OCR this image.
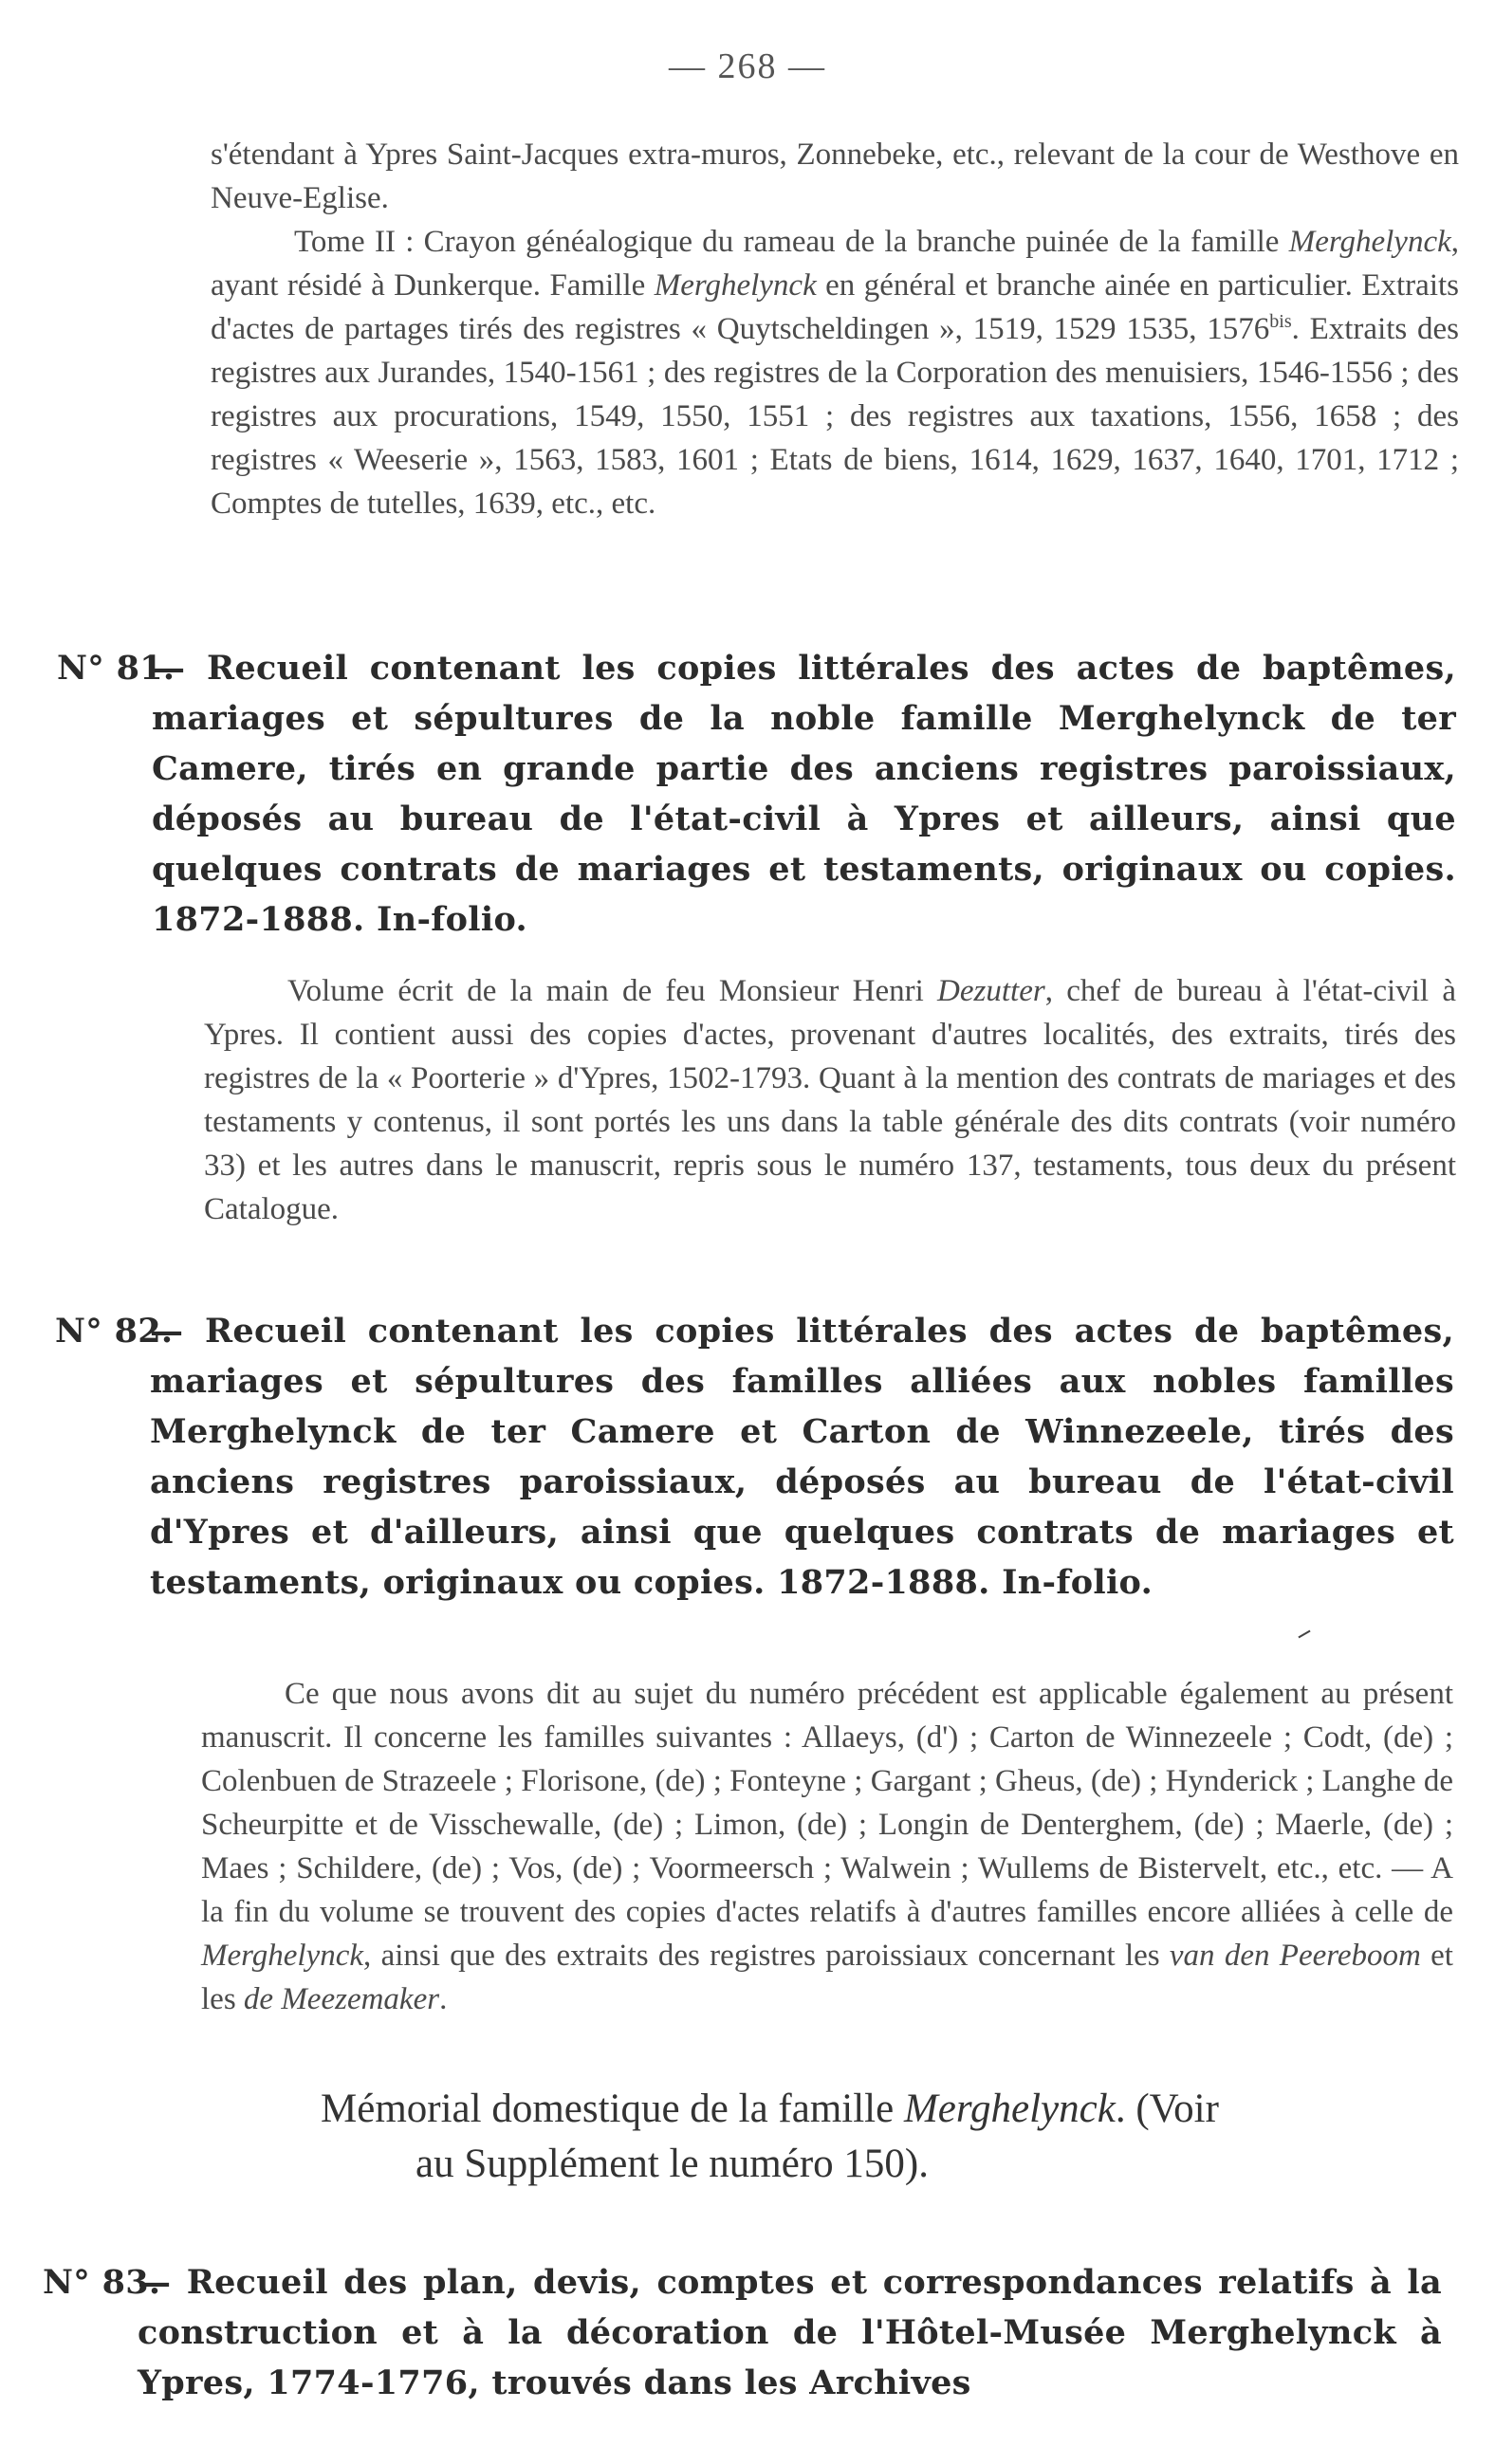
— 268 —
s'étendant à Ypres Saint-Jacques extra-muros, Zonnebeke, etc., relevant de la cour de Westhove en Neuve-Eglise.
Tome II : Crayon généalogique du rameau de la branche puinée de la famille Merghelynck, ayant résidé à Dunkerque. Famille Merghelynck en général et branche ainée en particulier. Extraits d'actes de partages tirés des registres « Quytscheldingen », 1519, 1529 1535, $1576^{bis}$. Extraits des registres aux Jurandes, 1540-1561 ; des registres de la Corporation des menuisiers, 1546-1556 ; des registres aux procurations, 1549, 1550, 1551 ; des registres aux taxations, 1556, 1658 ; des registres « Weeserie », 1563, 1583, 1601 ; Etats de biens, 1614, 1629, 1637, 1640, 1701, 1712 ; Comptes de tutelles, 1639, etc., etc.
N° 81.
— Recueil contenant les copies littérales des actes de baptêmes, mariages et sépultures de la noble famille Merghelynck de ter Camere, tirés en grande partie des anciens registres paroissiaux, déposés au bureau de l'état-civil à Ypres et ailleurs, ainsi que quelques contrats de mariages et testaments, originaux ou copies. 1872-1888. In-folio.
Volume écrit de la main de feu Monsieur Henri Dezutter, chef de bureau à l'état-civil à Ypres. Il contient aussi des copies d'actes, provenant d'autres localités, des extraits, tirés des registres de la « Poorterie » d'Ypres, 1502-1793. Quant à la mention des contrats de mariages et des testaments y contenus, il sont portés les uns dans la table générale des dits contrats (voir numéro 33) et les autres dans le manuscrit, repris sous le numéro 137, testaments, tous deux du présent Catalogue.
N° 82.
— Recueil contenant les copies littérales des actes de baptêmes, mariages et sépultures des familles alliées aux nobles familles Merghelynck de ter Camere et Carton de Winnezeele, tirés des anciens registres paroissiaux, déposés au bureau de l'état-civil d'Ypres et d'ailleurs, ainsi que quelques contrats de mariages et testaments, originaux ou copies. 1872-1888. In-folio.
Ce que nous avons dit au sujet du numéro précédent est applicable également au présent manuscrit. Il concerne les familles suivantes : Allaeys, (d') ; Carton de Winnezeele ; Codt, (de) ; Colenbuen de Strazeele ; Florisone, (de) ; Fonteyne ; Gargant ; Gheus, (de) ; Hynderick ; Langhe de Scheurpitte et de Visschewalle, (de) ; Limon, (de) ; Longin de Denterghem, (de) ; Maerle, (de) ; Maes ; Schildere, (de) ; Vos, (de) ; Voormeersch ; Walwein ; Wullems de Bistervelt, etc., etc. — A la fin du volume se trouvent des copies d'actes relatifs à d'autres familles encore alliées à celle de Merghelynck, ainsi que des extraits des registres paroissiaux concernant les van den Peereboom et les de Meezemaker.
Mémorial domestique de la famille Merghelynck. (Voir
au Supplément le numéro 150).
N° 83.
— Recueil des plan, devis, comptes et correspondances relatifs à la construction et à la décoration de l'Hôtel-Musée Merghelynck à Ypres, 1774-1776, trouvés dans les Archives
